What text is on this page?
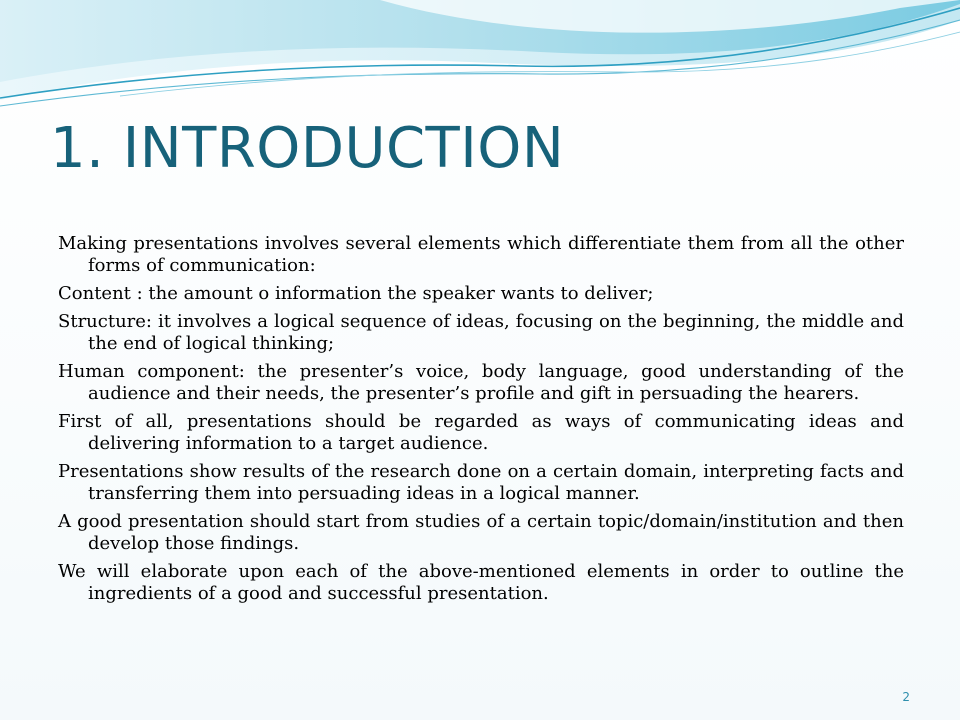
1. INTRODUCTION
Making presentations involves several elements which differentiate them from all the other forms of communication:
Content : the amount o information the speaker wants to deliver;
Structure: it involves a logical sequence of ideas, focusing on the beginning, the middle and the end of logical thinking;
Human component: the presenter’s voice, body language, good understanding of the audience and their needs, the presenter’s profile and gift in persuading the hearers.
First of all, presentations should be regarded as ways of communicating ideas and delivering information to a target audience.
Presentations show results of the research done on a certain domain, interpreting facts and transferring them into persuading ideas in a logical manner.
A good presentation should start from studies of a certain topic/domain/institution and then develop those findings.
We will elaborate upon each of the above-mentioned elements in order to outline the ingredients of a good and successful presentation.
2
